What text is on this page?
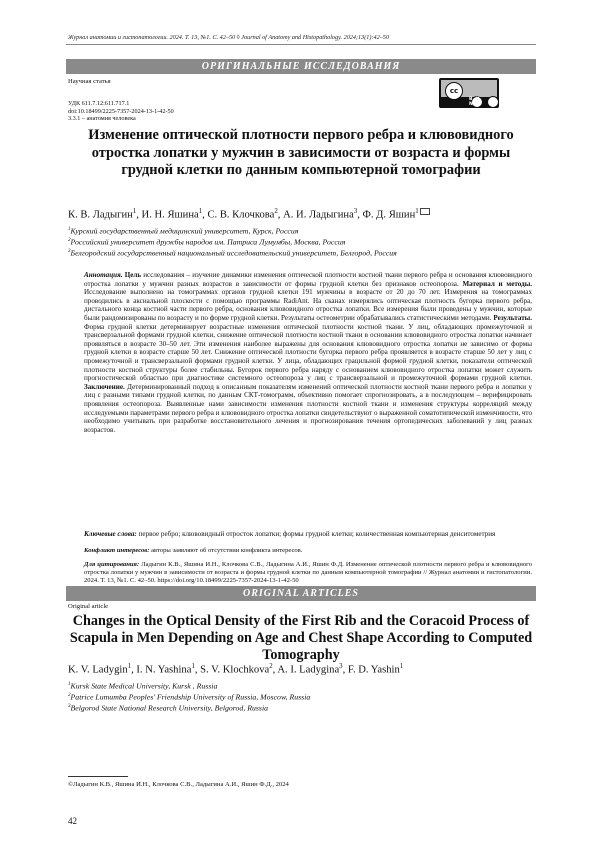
Журнал анатомии и гистопатологии. 2024. Т. 13, №1. С. 42–50 ◊ Journal of Anatomy and Histopathology. 2024;13(1):42–50
ОРИГИНАЛЬНЫЕ ИССЛЕДОВАНИЯ
Научная статья
УДК 611.7.12:611.717.1
doi:10.18499/2225-7357-2024-13-1-42-50
3.3.1 – анатомия человека
cc
BY NC
Изменение оптической плотности первого ребра и клювовидного отростка лопатки у мужчин в зависимости от возраста и формы грудной клетки по данным компьютерной томографии
К. В. Ладыгин$^1$, И. Н. Яшина$^1$, С. В. Клочкова$^2$, А. И. Ладыгина$^3$, Ф. Д. Яшин$^1$
$^1$Курский государственный медицинский университет, Курск, Россия
$^2$Российский университет дружбы народов им. Патриса Лумумбы, Москва, Россия
$^3$Белгородский государственный национальный исследовательский университет, Белгород, Россия
Аннотация. Цель исследования – изучение динамики изменения оптической плотности костной ткани первого ребра и основания клювовидного отростка лопатки у мужчин разных возрастов в зависимости от формы грудной клетки без признаков остеопороза. Материал и методы. Исследование выполнено на томограммах органов грудной клетки 191 мужчины в возрасте от 20 до 70 лет. Измерения на томограммах проводились в аксиальной плоскости с помощью программы RadiAnt. На сканах измерялись оптическая плотность бугорка первого ребра, дистального конца костной части первого ребра, основания клювовидного отростка лопатки. Все измерения были проведены у мужчин, которые были рандомизированы по возрасту и по форме грудной клетки. Результаты остеометрии обрабатывались статистическими методами. Результаты. Форма грудной клетки детерминирует возрастные изменения оптической плотности костной ткани. У лиц, обладающих промежуточной и трансверзальной формами грудной клетки, снижение оптической плотности костной ткани в основании клювовидного отростка лопатки начинает проявляться в возрасте 30–50 лет. Эти изменения наиболее выражены для основания клювовидного отростка лопатки не зависимо от формы грудной клетки в возрасте старше 50 лет. Снижение оптической плотности бугорка первого ребра проявляется в возрасте старше 50 лет у лиц с промежуточной и трансверзальной формами грудной клетки. У лица, обладающих грацильной формой грудной клетки, показатели оптической плотности костной структуры более стабильны. Бугорок первого ребра наряду с основанием клювовидного отростка лопатки может служить прогностической областью при диагностике системного остеопороза у лиц с трансверзальной и промежуточной формами грудной клетки. Заключение. Детерминированный подход к описанным показателям изменений оптической плотности костной ткани первого ребра и лопатки у лиц с разными типами грудной клетки, по данным СКТ-томограмм, объективно помогает спрогнозировать, а в последующем – верифицировать проявления остеопороза. Выявленные нами зависимости изменения плотности костной ткани и изменения структуры корреляций между исследуемыми параметрами первого ребра и клювовидного отростка лопатки свидетельствуют о выраженной соматотипической изменчивости, что необходимо учитывать при разработке восстановительного лечения и прогнозирования течения ортопедических заболеваний у лиц разных возрастов.
Ключевые слова: первое ребро; клювовидный отросток лопатки; формы грудной клетки; количественная компьютерная денситометрия
Конфликт интересов: авторы заявляют об отсутствии конфликта интересов.
Для цитирования: Ладыгин К.В., Яшина И.Н., Клочкова С.В., Ладыгина А.И., Яшин Ф.Д. Изменение оптической плотности первого ребра и клювовидного отростка лопатки у мужчин в зависимости от возраста и формы грудной клетки по данным компьютерной томографии // Журнал анатомии и гистопатологии. 2024. Т. 13, №1. С. 42–50. https://doi.org/10.18499/2225-7357-2024-13-1-42-50
ORIGINAL ARTICLES
Original article
Changes in the Optical Density of the First Rib and the Coracoid Process of Scapula in Men Depending on Age and Chest Shape According to Computed Tomography
K. V. Ladygin$^1$, I. N. Yashina$^1$, S. V. Klochkova$^2$, A. I. Ladygina$^3$, F. D. Yashin$^1$
$^1$Kursk State Medical University, Kursk , Russia
$^2$Patrice Lumumba Peoples' Friendship University of Russia, Moscow, Russia
$^3$Belgorod State National Research University, Belgorod, Russia
©Ладыгин К.В., Яшина И.Н., Клочкова С.В., Ладыгина А.И., Яшин Ф.Д., 2024
42
